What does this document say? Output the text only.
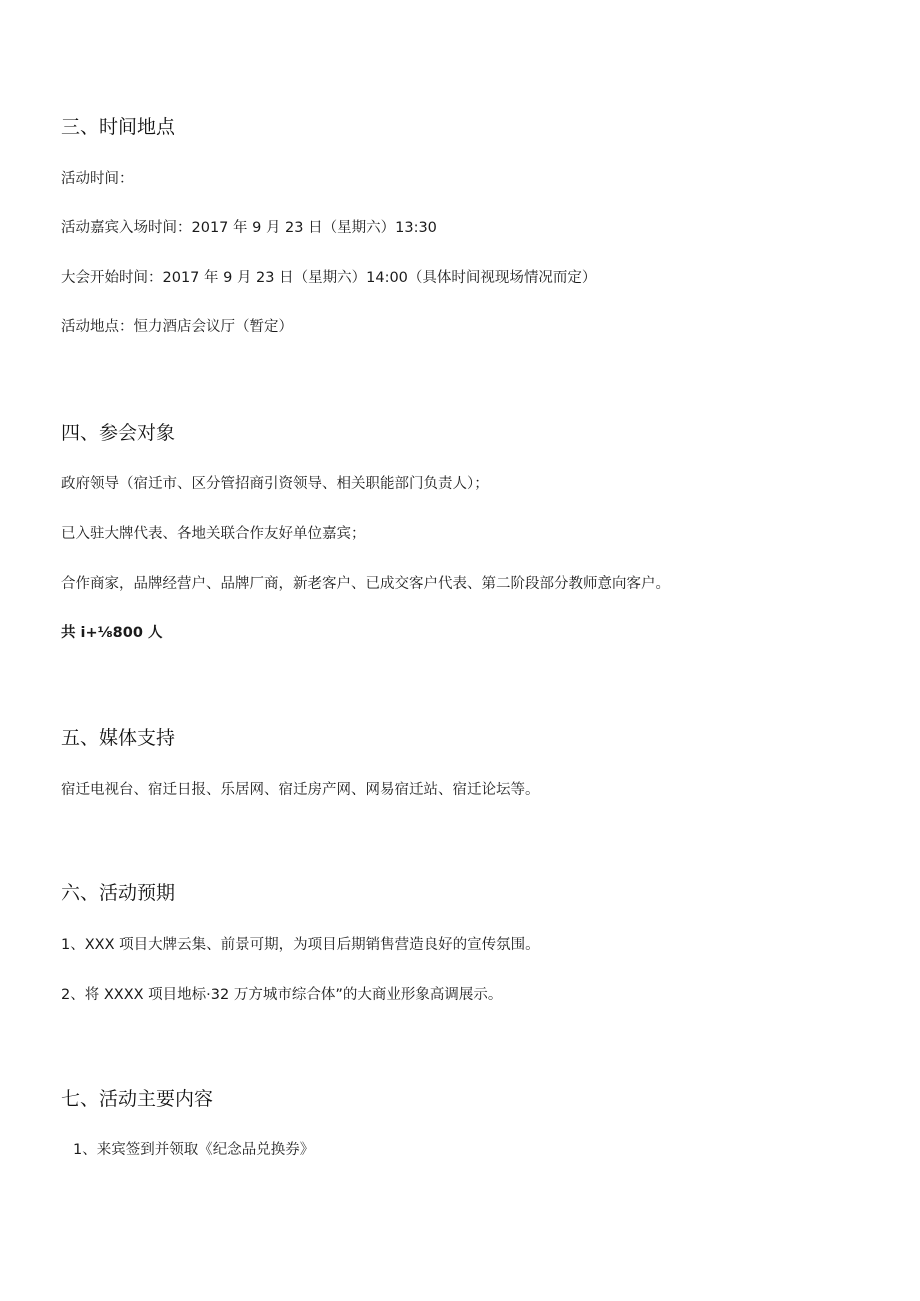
三、时间地点
活动时间：
活动嘉宾入场时间：2017 年 9 月 23 日（星期六）13:30
大会开始时间：2017 年 9 月 23 日（星期六）14:00（具体时间视现场情况而定）
活动地点：恒力酒店会议厅（暂定）
四、参会对象
政府领导（宿迁市、区分管招商引资领导、相关职能部门负责人）；
已入驻大牌代表、各地关联合作友好单位嘉宾；
合作商家，品牌经营户、品牌厂商，新老客户、已成交客户代表、第二阶段部分教师意向客户。
共 i+⅛800 人
五、媒体支持
宿迁电视台、宿迁日报、乐居网、宿迁房产网、网易宿迁站、宿迁论坛等。
六、活动预期
1、XXX 项目大牌云集、前景可期，为项目后期销售营造良好的宣传氛围。
2、将 XXXX 项目地标·32 万方城市综合体”的大商业形象高调展示。
七、活动主要内容
1、来宾签到并领取《纪念品兑换券》
